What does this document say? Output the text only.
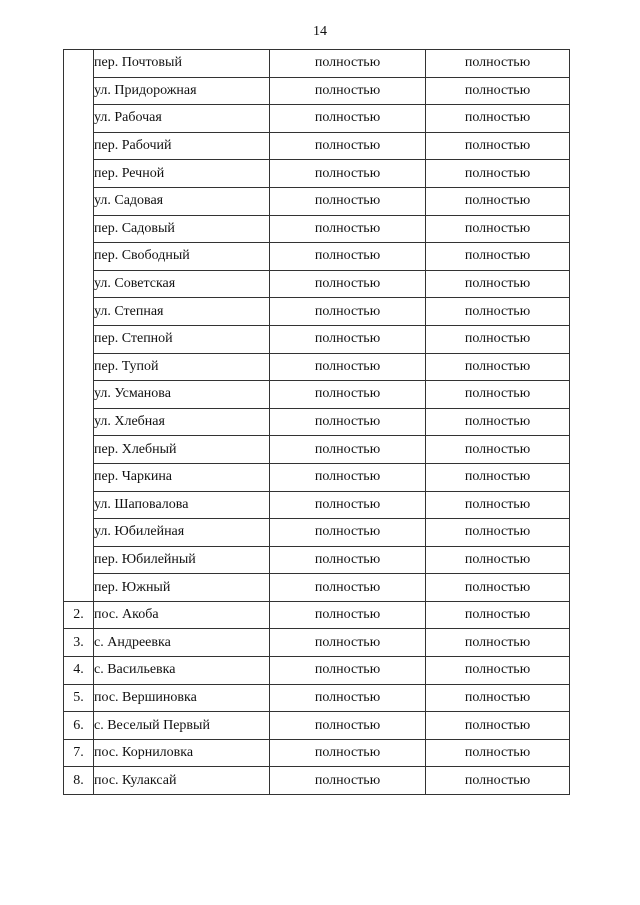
14
	пер. Почтовый	полностью	полностью
	ул. Придорожная	полностью	полностью
	ул. Рабочая	полностью	полностью
	пер. Рабочий	полностью	полностью
	пер. Речной	полностью	полностью
	ул. Садовая	полностью	полностью
	пер. Садовый	полностью	полностью
	пер. Свободный	полностью	полностью
	ул. Советская	полностью	полностью
	ул. Степная	полностью	полностью
	пер. Степной	полностью	полностью
	пер. Тупой	полностью	полностью
	ул. Усманова	полностью	полностью
	ул. Хлебная	полностью	полностью
	пер. Хлебный	полностью	полностью
	пер. Чаркина	полностью	полностью
	ул. Шаповалова	полностью	полностью
	ул. Юбилейная	полностью	полностью
	пер. Юбилейный	полностью	полностью
	пер. Южный	полностью	полностью
2.	пос. Акоба	полностью	полностью
3.	с. Андреевка	полностью	полностью
4.	с. Васильевка	полностью	полностью
5.	пос. Вершиновка	полностью	полностью
6.	с. Веселый Первый	полностью	полностью
7.	пос. Корниловка	полностью	полностью
8.	пос. Кулаксай	полностью	полностью
